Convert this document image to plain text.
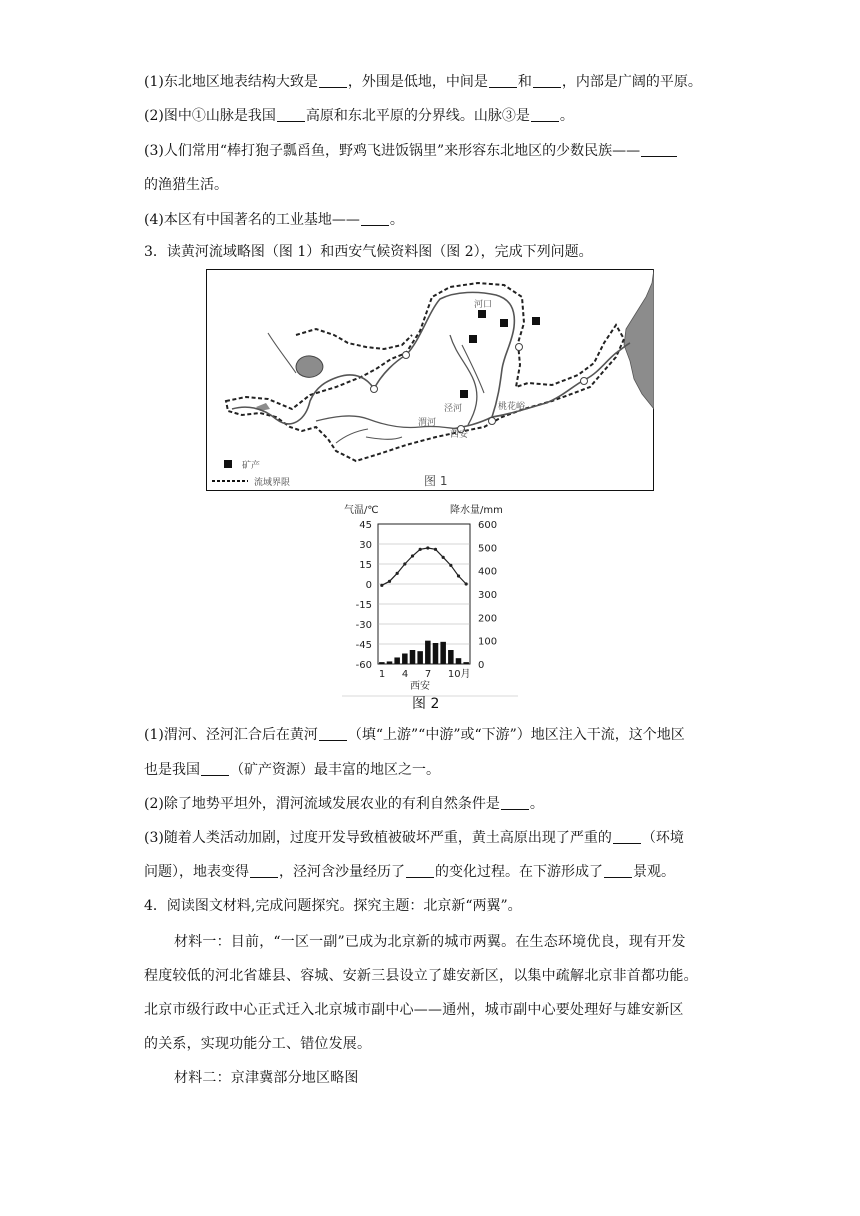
(1)东北地区地表结构大致是 ，外围是低地，中间是 和 ，内部是广阔的平原。
(2)图中①山脉是我国 高原和东北平原的分界线。山脉③是 。
(3)人们常用“棒打狍子瓢舀鱼，野鸡飞进饭锅里”来形容东北地区的少数民族——
的渔猎生活。
(4)本区有中国著名的工业基地—— 。
3．读黄河流域略图（图 1）和西安气候资料图（图 2），完成下列问题。
河口
泾河
渭河
西安
桃花峪
矿产
流域界限	图 1
气温/℃	降水量/mm
45
30
15
0
-15
-30
-45
-60
600
500
400
300
200
100
0
1 4 7 10月
西安
图 2
(1)渭河、泾河汇合后在黄河 （填“上游”“中游”或“下游”）地区注入干流，这个地区
也是我国 （矿产资源）最丰富的地区之一。
(2)除了地势平坦外，渭河流域发展农业的有利自然条件是 。
(3)随着人类活动加剧，过度开发导致植被破坏严重，黄土高原出现了严重的 （环境
问题），地表变得 ，泾河含沙量经历了 的变化过程。在下游形成了 景观。
4．阅读图文材料,完成问题探究。探究主题：北京新“两翼”。
材料一：目前，“一区一副”已成为北京新的城市两翼。在生态环境优良，现有开发
程度较低的河北省雄县、容城、安新三县设立了雄安新区，以集中疏解北京非首都功能。
北京市级行政中心正式迁入北京城市副中心——通州，城市副中心要处理好与雄安新区
的关系，实现功能分工、错位发展。
材料二：京津冀部分地区略图
